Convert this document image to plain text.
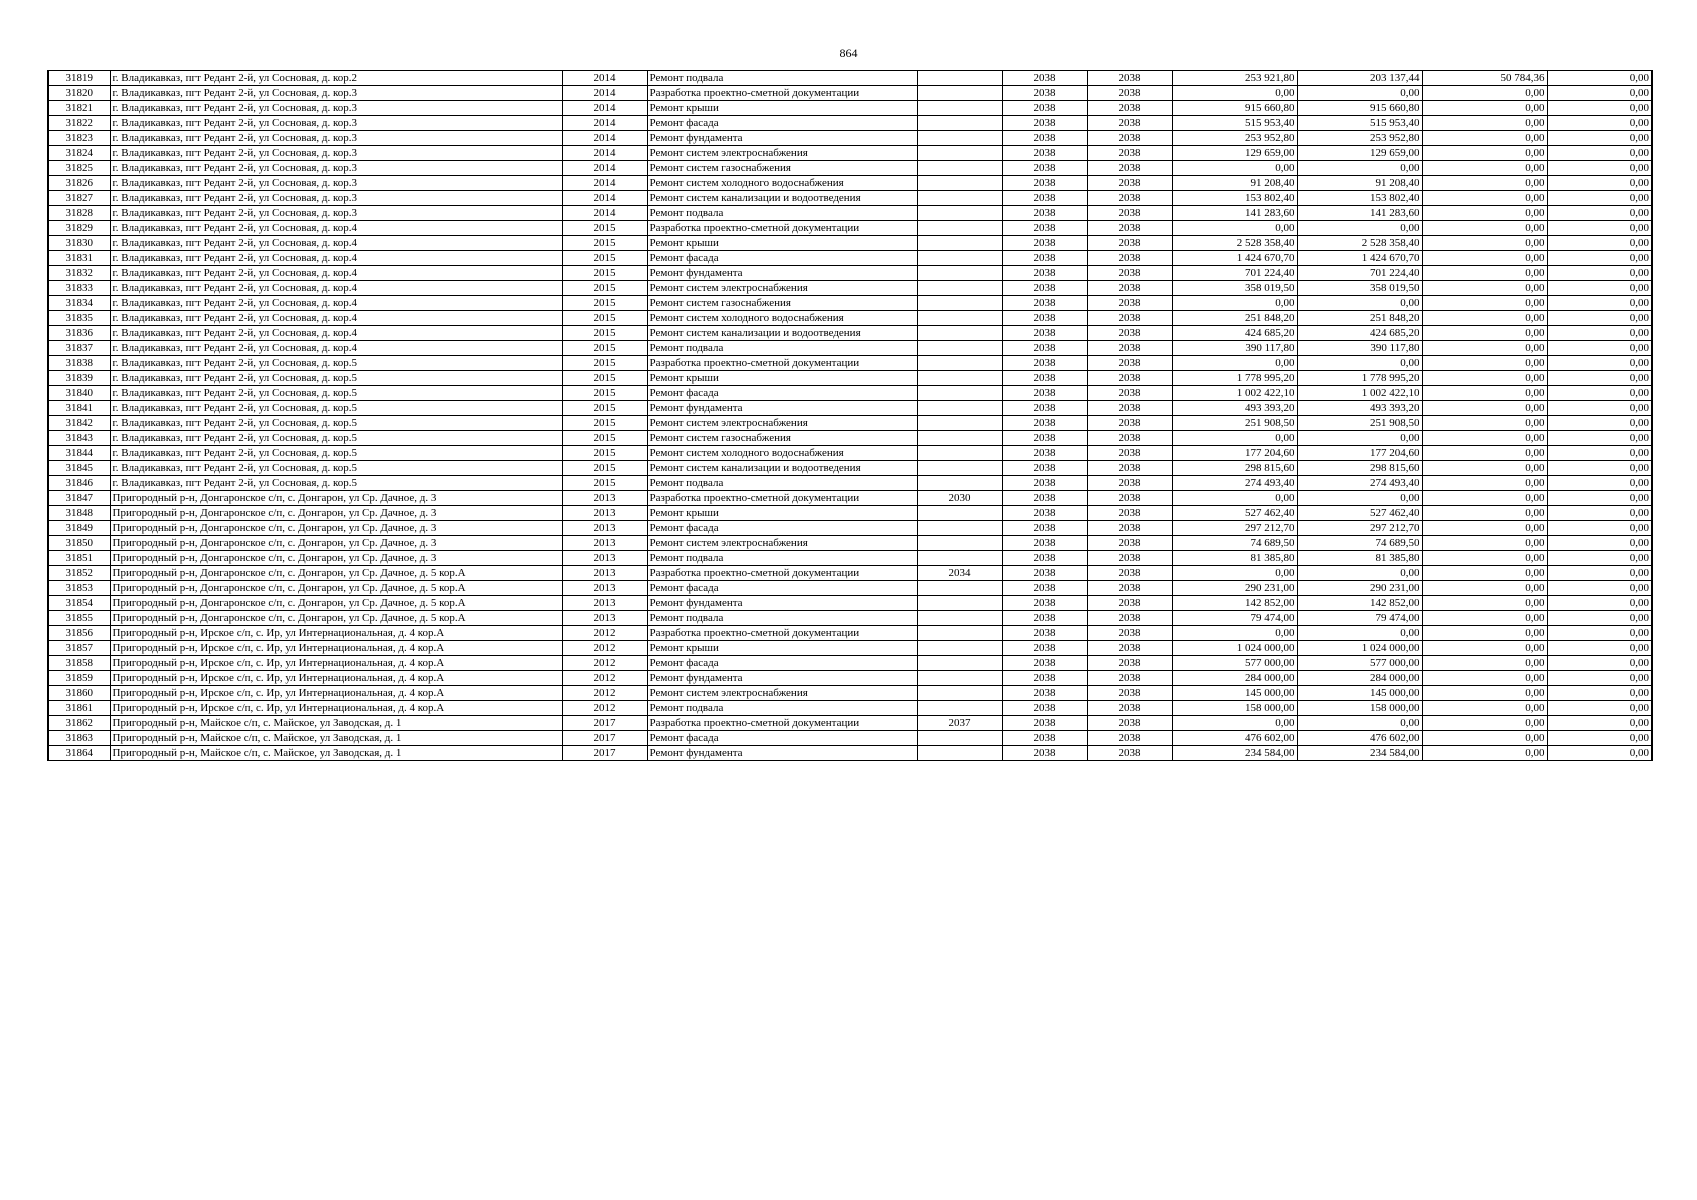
864
31819	г. Владикавказ, пгт Редант 2-й, ул Сосновая, д. кор.2	2014	Ремонт подвала		2038	2038	253 921,80	203 137,44	50 784,36	0,00
31820	г. Владикавказ, пгт Редант 2-й, ул Сосновая, д. кор.3	2014	Разработка проектно-сметной документации		2038	2038	0,00	0,00	0,00	0,00
31821	г. Владикавказ, пгт Редант 2-й, ул Сосновая, д. кор.3	2014	Ремонт крыши		2038	2038	915 660,80	915 660,80	0,00	0,00
31822	г. Владикавказ, пгт Редант 2-й, ул Сосновая, д. кор.3	2014	Ремонт фасада		2038	2038	515 953,40	515 953,40	0,00	0,00
31823	г. Владикавказ, пгт Редант 2-й, ул Сосновая, д. кор.3	2014	Ремонт фундамента		2038	2038	253 952,80	253 952,80	0,00	0,00
31824	г. Владикавказ, пгт Редант 2-й, ул Сосновая, д. кор.3	2014	Ремонт систем электроснабжения		2038	2038	129 659,00	129 659,00	0,00	0,00
31825	г. Владикавказ, пгт Редант 2-й, ул Сосновая, д. кор.3	2014	Ремонт систем газоснабжения		2038	2038	0,00	0,00	0,00	0,00
31826	г. Владикавказ, пгт Редант 2-й, ул Сосновая, д. кор.3	2014	Ремонт систем холодного водоснабжения		2038	2038	91 208,40	91 208,40	0,00	0,00
31827	г. Владикавказ, пгт Редант 2-й, ул Сосновая, д. кор.3	2014	Ремонт систем канализации и водоотведения		2038	2038	153 802,40	153 802,40	0,00	0,00
31828	г. Владикавказ, пгт Редант 2-й, ул Сосновая, д. кор.3	2014	Ремонт подвала		2038	2038	141 283,60	141 283,60	0,00	0,00
31829	г. Владикавказ, пгт Редант 2-й, ул Сосновая, д. кор.4	2015	Разработка проектно-сметной документации		2038	2038	0,00	0,00	0,00	0,00
31830	г. Владикавказ, пгт Редант 2-й, ул Сосновая, д. кор.4	2015	Ремонт крыши		2038	2038	2 528 358,40	2 528 358,40	0,00	0,00
31831	г. Владикавказ, пгт Редант 2-й, ул Сосновая, д. кор.4	2015	Ремонт фасада		2038	2038	1 424 670,70	1 424 670,70	0,00	0,00
31832	г. Владикавказ, пгт Редант 2-й, ул Сосновая, д. кор.4	2015	Ремонт фундамента		2038	2038	701 224,40	701 224,40	0,00	0,00
31833	г. Владикавказ, пгт Редант 2-й, ул Сосновая, д. кор.4	2015	Ремонт систем электроснабжения		2038	2038	358 019,50	358 019,50	0,00	0,00
31834	г. Владикавказ, пгт Редант 2-й, ул Сосновая, д. кор.4	2015	Ремонт систем газоснабжения		2038	2038	0,00	0,00	0,00	0,00
31835	г. Владикавказ, пгт Редант 2-й, ул Сосновая, д. кор.4	2015	Ремонт систем холодного водоснабжения		2038	2038	251 848,20	251 848,20	0,00	0,00
31836	г. Владикавказ, пгт Редант 2-й, ул Сосновая, д. кор.4	2015	Ремонт систем канализации и водоотведения		2038	2038	424 685,20	424 685,20	0,00	0,00
31837	г. Владикавказ, пгт Редант 2-й, ул Сосновая, д. кор.4	2015	Ремонт подвала		2038	2038	390 117,80	390 117,80	0,00	0,00
31838	г. Владикавказ, пгт Редант 2-й, ул Сосновая, д. кор.5	2015	Разработка проектно-сметной документации		2038	2038	0,00	0,00	0,00	0,00
31839	г. Владикавказ, пгт Редант 2-й, ул Сосновая, д. кор.5	2015	Ремонт крыши		2038	2038	1 778 995,20	1 778 995,20	0,00	0,00
31840	г. Владикавказ, пгт Редант 2-й, ул Сосновая, д. кор.5	2015	Ремонт фасада		2038	2038	1 002 422,10	1 002 422,10	0,00	0,00
31841	г. Владикавказ, пгт Редант 2-й, ул Сосновая, д. кор.5	2015	Ремонт фундамента		2038	2038	493 393,20	493 393,20	0,00	0,00
31842	г. Владикавказ, пгт Редант 2-й, ул Сосновая, д. кор.5	2015	Ремонт систем электроснабжения		2038	2038	251 908,50	251 908,50	0,00	0,00
31843	г. Владикавказ, пгт Редант 2-й, ул Сосновая, д. кор.5	2015	Ремонт систем газоснабжения		2038	2038	0,00	0,00	0,00	0,00
31844	г. Владикавказ, пгт Редант 2-й, ул Сосновая, д. кор.5	2015	Ремонт систем холодного водоснабжения		2038	2038	177 204,60	177 204,60	0,00	0,00
31845	г. Владикавказ, пгт Редант 2-й, ул Сосновая, д. кор.5	2015	Ремонт систем канализации и водоотведения		2038	2038	298 815,60	298 815,60	0,00	0,00
31846	г. Владикавказ, пгт Редант 2-й, ул Сосновая, д. кор.5	2015	Ремонт подвала		2038	2038	274 493,40	274 493,40	0,00	0,00
31847	Пригородный р-н, Донгаронское с/п, с. Донгарон, ул Ср. Дачное, д. 3	2013	Разработка проектно-сметной документации	2030	2038	2038	0,00	0,00	0,00	0,00
31848	Пригородный р-н, Донгаронское с/п, с. Донгарон, ул Ср. Дачное, д. 3	2013	Ремонт крыши		2038	2038	527 462,40	527 462,40	0,00	0,00
31849	Пригородный р-н, Донгаронское с/п, с. Донгарон, ул Ср. Дачное, д. 3	2013	Ремонт фасада		2038	2038	297 212,70	297 212,70	0,00	0,00
31850	Пригородный р-н, Донгаронское с/п, с. Донгарон, ул Ср. Дачное, д. 3	2013	Ремонт систем электроснабжения		2038	2038	74 689,50	74 689,50	0,00	0,00
31851	Пригородный р-н, Донгаронское с/п, с. Донгарон, ул Ср. Дачное, д. 3	2013	Ремонт подвала		2038	2038	81 385,80	81 385,80	0,00	0,00
31852	Пригородный р-н, Донгаронское с/п, с. Донгарон, ул Ср. Дачное, д. 5 кор.А	2013	Разработка проектно-сметной документации	2034	2038	2038	0,00	0,00	0,00	0,00
31853	Пригородный р-н, Донгаронское с/п, с. Донгарон, ул Ср. Дачное, д. 5 кор.А	2013	Ремонт фасада		2038	2038	290 231,00	290 231,00	0,00	0,00
31854	Пригородный р-н, Донгаронское с/п, с. Донгарон, ул Ср. Дачное, д. 5 кор.А	2013	Ремонт фундамента		2038	2038	142 852,00	142 852,00	0,00	0,00
31855	Пригородный р-н, Донгаронское с/п, с. Донгарон, ул Ср. Дачное, д. 5 кор.А	2013	Ремонт подвала		2038	2038	79 474,00	79 474,00	0,00	0,00
31856	Пригородный р-н, Ирское с/п, с. Ир, ул Интернациональная, д. 4 кор.А	2012	Разработка проектно-сметной документации		2038	2038	0,00	0,00	0,00	0,00
31857	Пригородный р-н, Ирское с/п, с. Ир, ул Интернациональная, д. 4 кор.А	2012	Ремонт крыши		2038	2038	1 024 000,00	1 024 000,00	0,00	0,00
31858	Пригородный р-н, Ирское с/п, с. Ир, ул Интернациональная, д. 4 кор.А	2012	Ремонт фасада		2038	2038	577 000,00	577 000,00	0,00	0,00
31859	Пригородный р-н, Ирское с/п, с. Ир, ул Интернациональная, д. 4 кор.А	2012	Ремонт фундамента		2038	2038	284 000,00	284 000,00	0,00	0,00
31860	Пригородный р-н, Ирское с/п, с. Ир, ул Интернациональная, д. 4 кор.А	2012	Ремонт систем электроснабжения		2038	2038	145 000,00	145 000,00	0,00	0,00
31861	Пригородный р-н, Ирское с/п, с. Ир, ул Интернациональная, д. 4 кор.А	2012	Ремонт подвала		2038	2038	158 000,00	158 000,00	0,00	0,00
31862	Пригородный р-н, Майское с/п, с. Майское, ул Заводская, д. 1	2017	Разработка проектно-сметной документации	2037	2038	2038	0,00	0,00	0,00	0,00
31863	Пригородный р-н, Майское с/п, с. Майское, ул Заводская, д. 1	2017	Ремонт фасада		2038	2038	476 602,00	476 602,00	0,00	0,00
31864	Пригородный р-н, Майское с/п, с. Майское, ул Заводская, д. 1	2017	Ремонт фундамента		2038	2038	234 584,00	234 584,00	0,00	0,00
